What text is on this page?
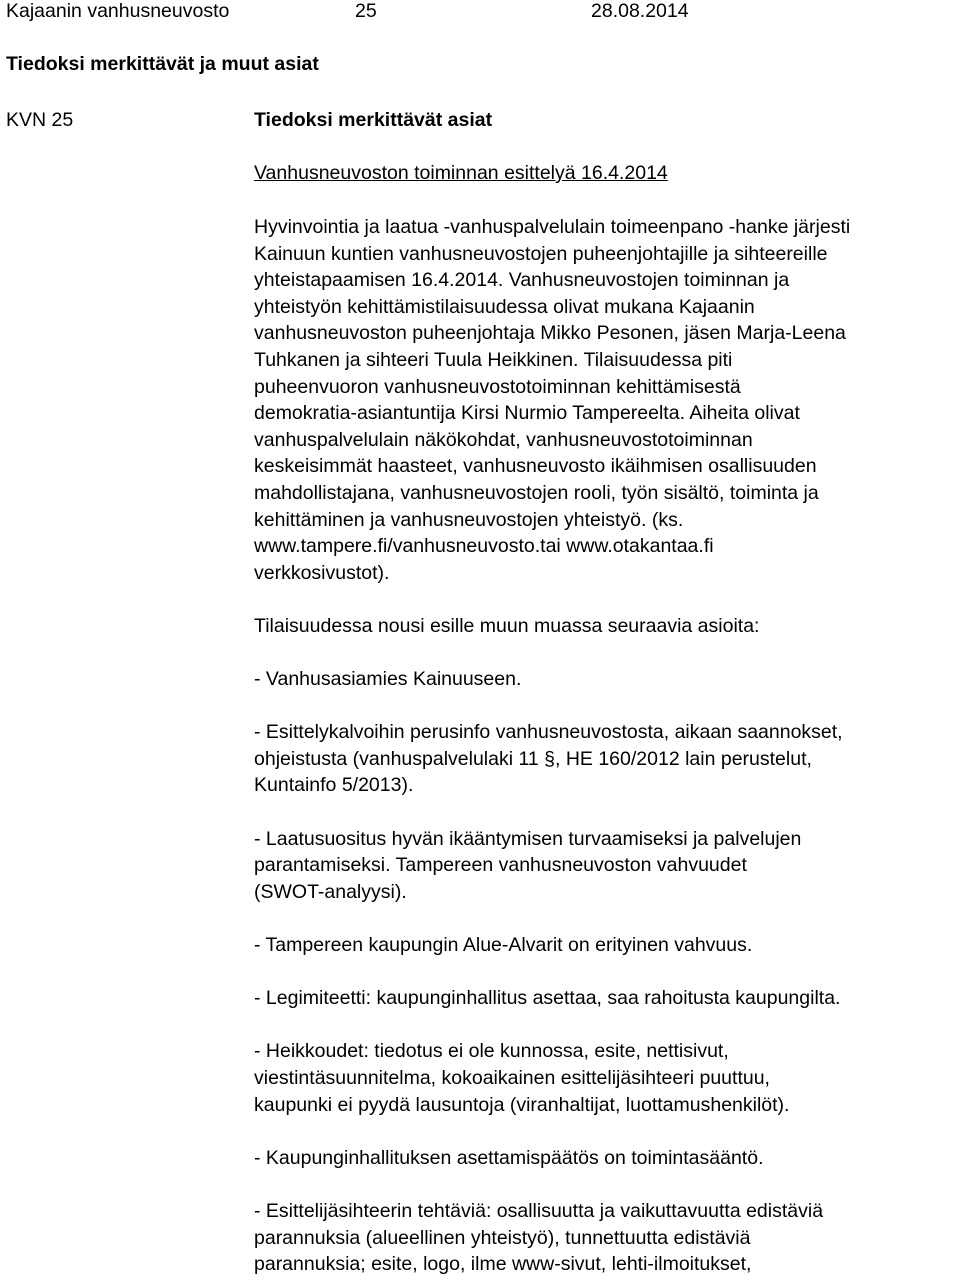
Kajaanin vanhusneuvosto	25	28.08.2014
Tiedoksi merkittävät ja muut asiat
KVN 25	Tiedoksi merkittävät asiat
Vanhusneuvoston toiminnan esittelyä 16.4.2014
Hyvinvointia ja laatua -vanhuspalvelulain toimeenpano -hanke järjesti
Kainuun kuntien vanhusneuvostojen puheenjohtajille ja sihteereille
yhteistapaamisen 16.4.2014. Vanhusneuvostojen toiminnan ja
yhteistyön kehittämistilaisuudessa olivat mukana Kajaanin
vanhusneuvoston puheenjohtaja Mikko Pesonen, jäsen Marja-Leena
Tuhkanen ja sihteeri Tuula Heikkinen. Tilaisuudessa piti
puheenvuoron vanhusneuvostotoiminnan kehittämisestä
demokratia-asiantuntija Kirsi Nurmio Tampereelta. Aiheita olivat
vanhuspalvelulain näkökohdat, vanhusneuvostotoiminnan
keskeisimmät haasteet, vanhusneuvosto ikäihmisen osallisuuden
mahdollistajana, vanhusneuvostojen rooli, työn sisältö, toiminta ja
kehittäminen ja vanhusneuvostojen yhteistyö. (ks.
www.tampere.fi/vanhusneuvosto.tai www.otakantaa.fi
verkkosivustot).
Tilaisuudessa nousi esille muun muassa seuraavia asioita:
- Vanhusasiamies Kainuuseen.
- Esittelykalvoihin perusinfo vanhusneuvostosta, aikaan saannokset,
ohjeistusta (vanhuspalvelulaki 11 §, HE 160/2012 lain perustelut,
Kuntainfo 5/2013).
- Laatusuositus hyvän ikääntymisen turvaamiseksi ja palvelujen
parantamiseksi. Tampereen vanhusneuvoston vahvuudet
(SWOT-analyysi).
- Tampereen kaupungin Alue-Alvarit on erityinen vahvuus.
- Legimiteetti: kaupunginhallitus asettaa, saa rahoitusta kaupungilta.
- Heikkoudet: tiedotus ei ole kunnossa, esite, nettisivut,
viestintäsuunnitelma, kokoaikainen esittelijäsihteeri puuttuu,
kaupunki ei pyydä lausuntoja (viranhaltijat, luottamushenkilöt).
- Kaupunginhallituksen asettamispäätös on toimintasääntö.
- Esittelijäsihteerin tehtäviä: osallisuutta ja vaikuttavuutta edistäviä
parannuksia (alueellinen yhteistyö), tunnettuutta edistäviä
parannuksia; esite, logo, ilme www-sivut, lehti-ilmoitukset,
